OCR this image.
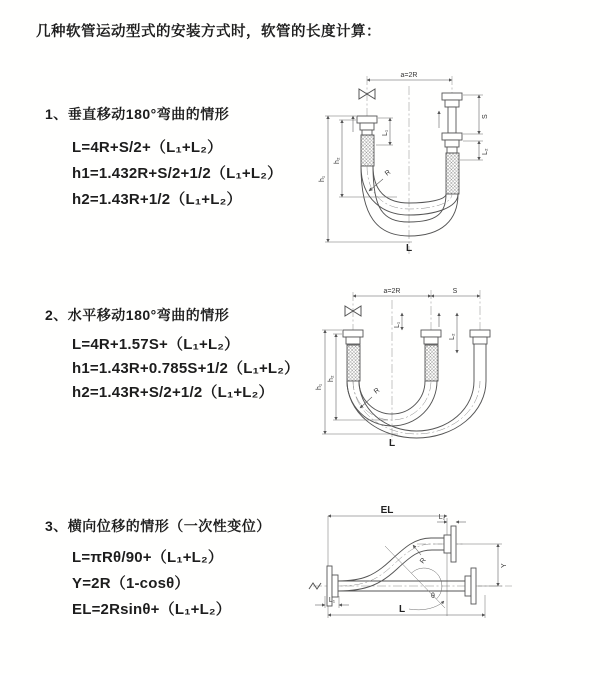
几种软管运动型式的安装方式时，软管的长度计算：
1、垂直移动180°弯曲的情形
L=4R+S/2+（L₁+L₂）
h1=1.432R+S/2+1/2（L₁+L₂）
h2=1.43R+1/2（L₁+L₂）
2、水平移动180°弯曲的情形
L=4R+1.57S+（L₁+L₂）
h1=1.43R+0.785S+1/2（L₁+L₂）
h2=1.43R+S/2+1/2（L₁+L₂）
3、横向位移的情形（一次性变位）
L=πRθ/90+（L₁+L₂）
Y=2R（1-cosθ）
EL=2Rsinθ+（L₁+L₂）
a=2R
h₁
h₂
L₁
S
L₂
R
L
a=2R	S
L₁
L₂
h₁
h₂
R
L
EL
L₂
θ
R
Y
L
L₁
